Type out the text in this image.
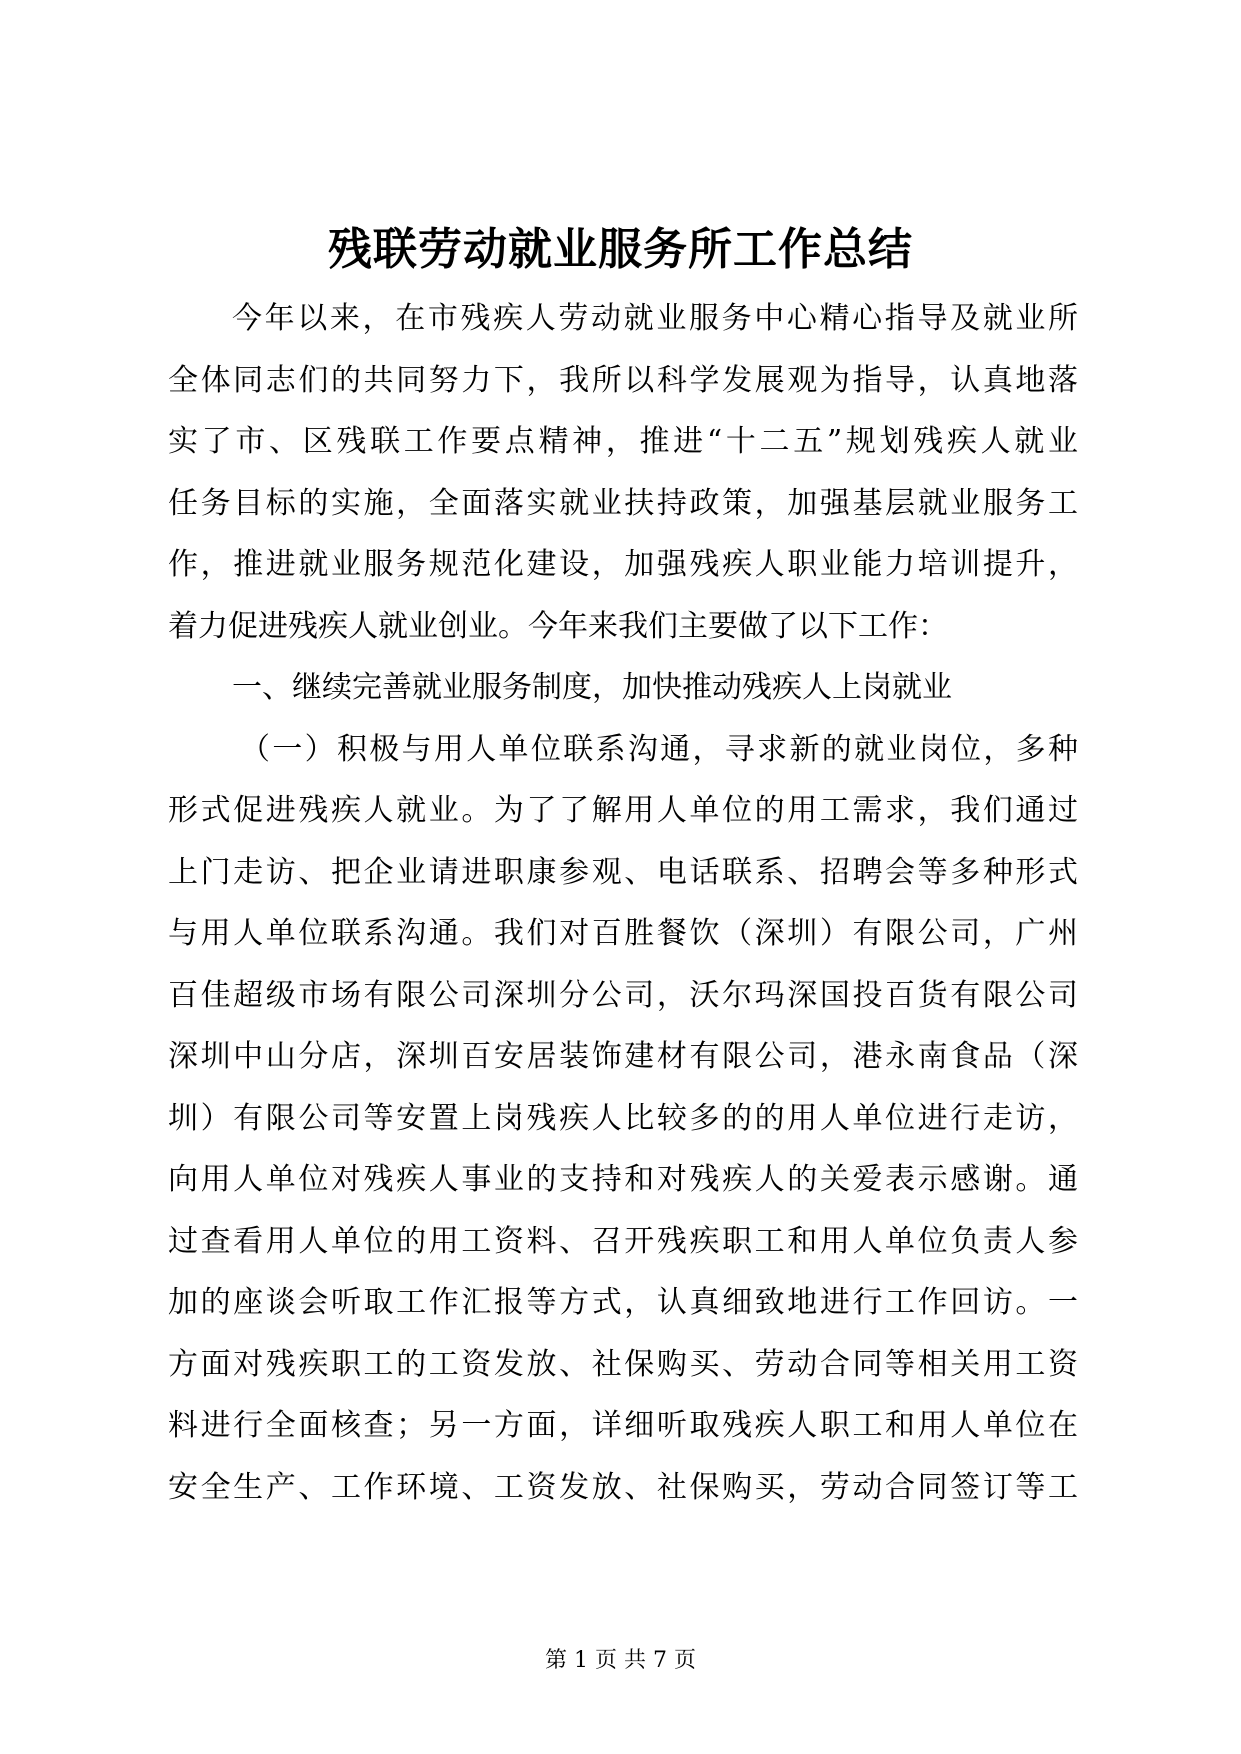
残联劳动就业服务所工作总结
今年以来，在市残疾人劳动就业服务中心精心指导及就业所
全体同志们的共同努力下，我所以科学发展观为指导，认真地落
实了市、区残联工作要点精神，推进“十二五”规划残疾人就业
任务目标的实施，全面落实就业扶持政策，加强基层就业服务工
作，推进就业服务规范化建设，加强残疾人职业能力培训提升，
着力促进残疾人就业创业。今年来我们主要做了以下工作：
一、继续完善就业服务制度，加快推动残疾人上岗就业
（一）积极与用人单位联系沟通，寻求新的就业岗位，多种
形式促进残疾人就业。为了了解用人单位的用工需求，我们通过
上门走访、把企业请进职康参观、电话联系、招聘会等多种形式
与用人单位联系沟通。我们对百胜餐饮（深圳）有限公司，广州
百佳超级市场有限公司深圳分公司，沃尔玛深国投百货有限公司
深圳中山分店，深圳百安居装饰建材有限公司，港永南食品（深
圳）有限公司等安置上岗残疾人比较多的的用人单位进行走访，
向用人单位对残疾人事业的支持和对残疾人的关爱表示感谢。通
过查看用人单位的用工资料、召开残疾职工和用人单位负责人参
加的座谈会听取工作汇报等方式，认真细致地进行工作回访。一
方面对残疾职工的工资发放、社保购买、劳动合同等相关用工资
料进行全面核查；另一方面，详细听取残疾人职工和用人单位在
安全生产、工作环境、工资发放、社保购买，劳动合同签订等工
第 1 页 共 7 页
